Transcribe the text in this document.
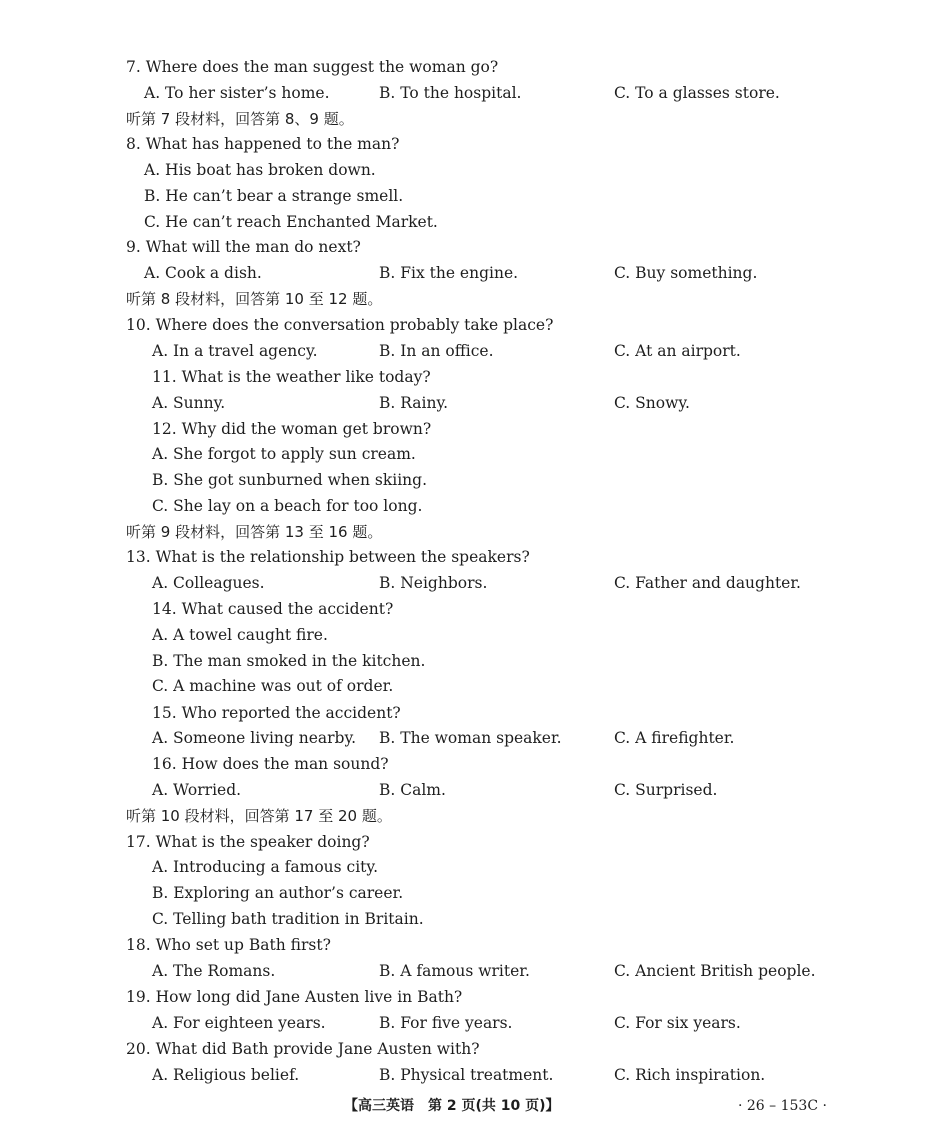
7. Where does the man suggest the woman go?
A. To her sister’s home.	B. To the hospital.	C. To a glasses store.
听第 7 段材料，回答第 8、9 题。
8. What has happened to the man?
A. His boat has broken down.
B. He can’t bear a strange smell.
C. He can’t reach Enchanted Market.
9. What will the man do next?
A. Cook a dish.	B. Fix the engine.	C. Buy something.
听第 8 段材料，回答第 10 至 12 题。
10. Where does the conversation probably take place?
A. In a travel agency.	B. In an office.	C. At an airport.
11. What is the weather like today?
A. Sunny.	B. Rainy.	C. Snowy.
12. Why did the woman get brown?
A. She forgot to apply sun cream.
B. She got sunburned when skiing.
C. She lay on a beach for too long.
听第 9 段材料，回答第 13 至 16 题。
13. What is the relationship between the speakers?
A. Colleagues.	B. Neighbors.	C. Father and daughter.
14. What caused the accident?
A. A towel caught fire.
B. The man smoked in the kitchen.
C. A machine was out of order.
15. Who reported the accident?
A. Someone living nearby. B. The woman speaker.	C. A firefighter.
16. How does the man sound?
A. Worried.	B. Calm.	C. Surprised.
听第 10 段材料，回答第 17 至 20 题。
17. What is the speaker doing?
A. Introducing a famous city.
B. Exploring an author’s career.
C. Telling bath tradition in Britain.
18. Who set up Bath first?
A. The Romans.	B. A famous writer.	C. Ancient British people.
19. How long did Jane Austen live in Bath?
A. For eighteen years.	B. For five years.	C. For six years.
20. What did Bath provide Jane Austen with?
A. Religious belief.	B. Physical treatment.	C. Rich inspiration.
【高三英语　第 2 页(共 10 页)】	· 26 – 153C ·
